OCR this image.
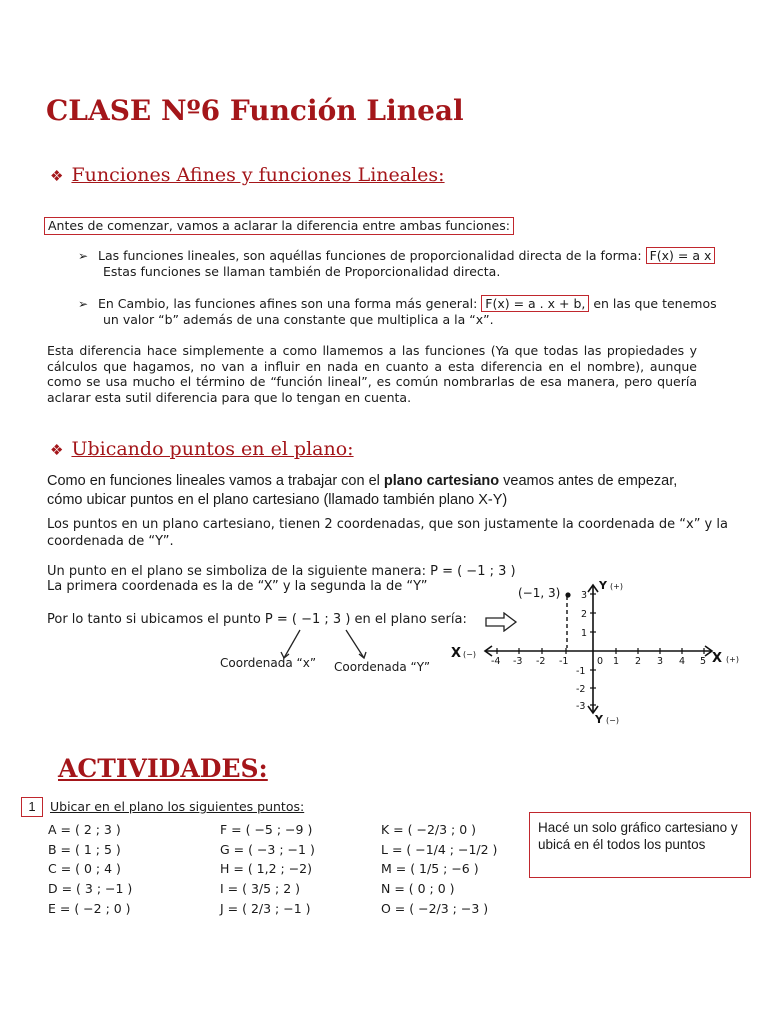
CLASE Nº6 Función Lineal
❖ Funciones Afines y funciones Lineales:
Antes de comenzar, vamos a aclarar la diferencia entre ambas funciones:
➢ Las funciones lineales, son aquéllas funciones de proporcionalidad directa de la forma: F(x) = a x
Estas funciones se llaman también de Proporcionalidad directa.
➢ En Cambio, las funciones afines son una forma más general: F(x) = a . x + b, en las que tenemos
un valor “b” además de una constante que multiplica a la “x”.
Esta diferencia hace simplemente a como llamemos a las funciones (Ya que todas las propiedades y cálculos que hagamos, no van a influir en nada en cuanto a esta diferencia en el nombre), aunque como se usa mucho el término de “función lineal”, es común nombrarlas de esa manera, pero quería aclarar esta sutil diferencia para que lo tengan en cuenta.
❖ Ubicando puntos en el plano:
Como en funciones lineales vamos a trabajar con el plano cartesiano veamos antes de empezar,
cómo ubicar puntos en el plano cartesiano (llamado también plano X-Y)
Los puntos en un plano cartesiano, tienen 2 coordenadas, que son justamente la coordenada de “x” y la
coordenada de “Y”.
Un punto en el plano se simboliza de la siguiente manera: P = ( −1 ; 3 )
La primera coordenada es la de “X” y la segunda la de “Y”
Por lo tanto si ubicamos el punto P = ( −1 ; 3 ) en el plano sería:
Coordenada “x” Coordenada “Y”	-4 -3 -2 -1	0 1 2 3 4 5
3
2
1
-1
-2
-3
(−1, 3)
X (−)	X (+)
Y (+)
Y (−)
ACTIVIDADES:
1	Ubicar en el plano los siguientes puntos:
A = ( 2 ; 3 )
B = ( 1 ; 5 )
C = ( 0 ; 4 )
D = ( 3 ; −1 )
E = ( −2 ; 0 )
F = ( −5 ; −9 )
G = ( −3 ; −1 )
H = ( 1,2 ; −2)
I = ( 3/5 ; 2 )
J = ( 2/3 ; −1 )
K = ( −2/3 ; 0 )
L = ( −1/4 ; −1/2 )
M = ( 1/5 ; −6 )
N = ( 0 ; 0 )
O = ( −2/3 ; −3 )
Hacé un solo gráfico cartesiano y ubicá en él todos los puntos
